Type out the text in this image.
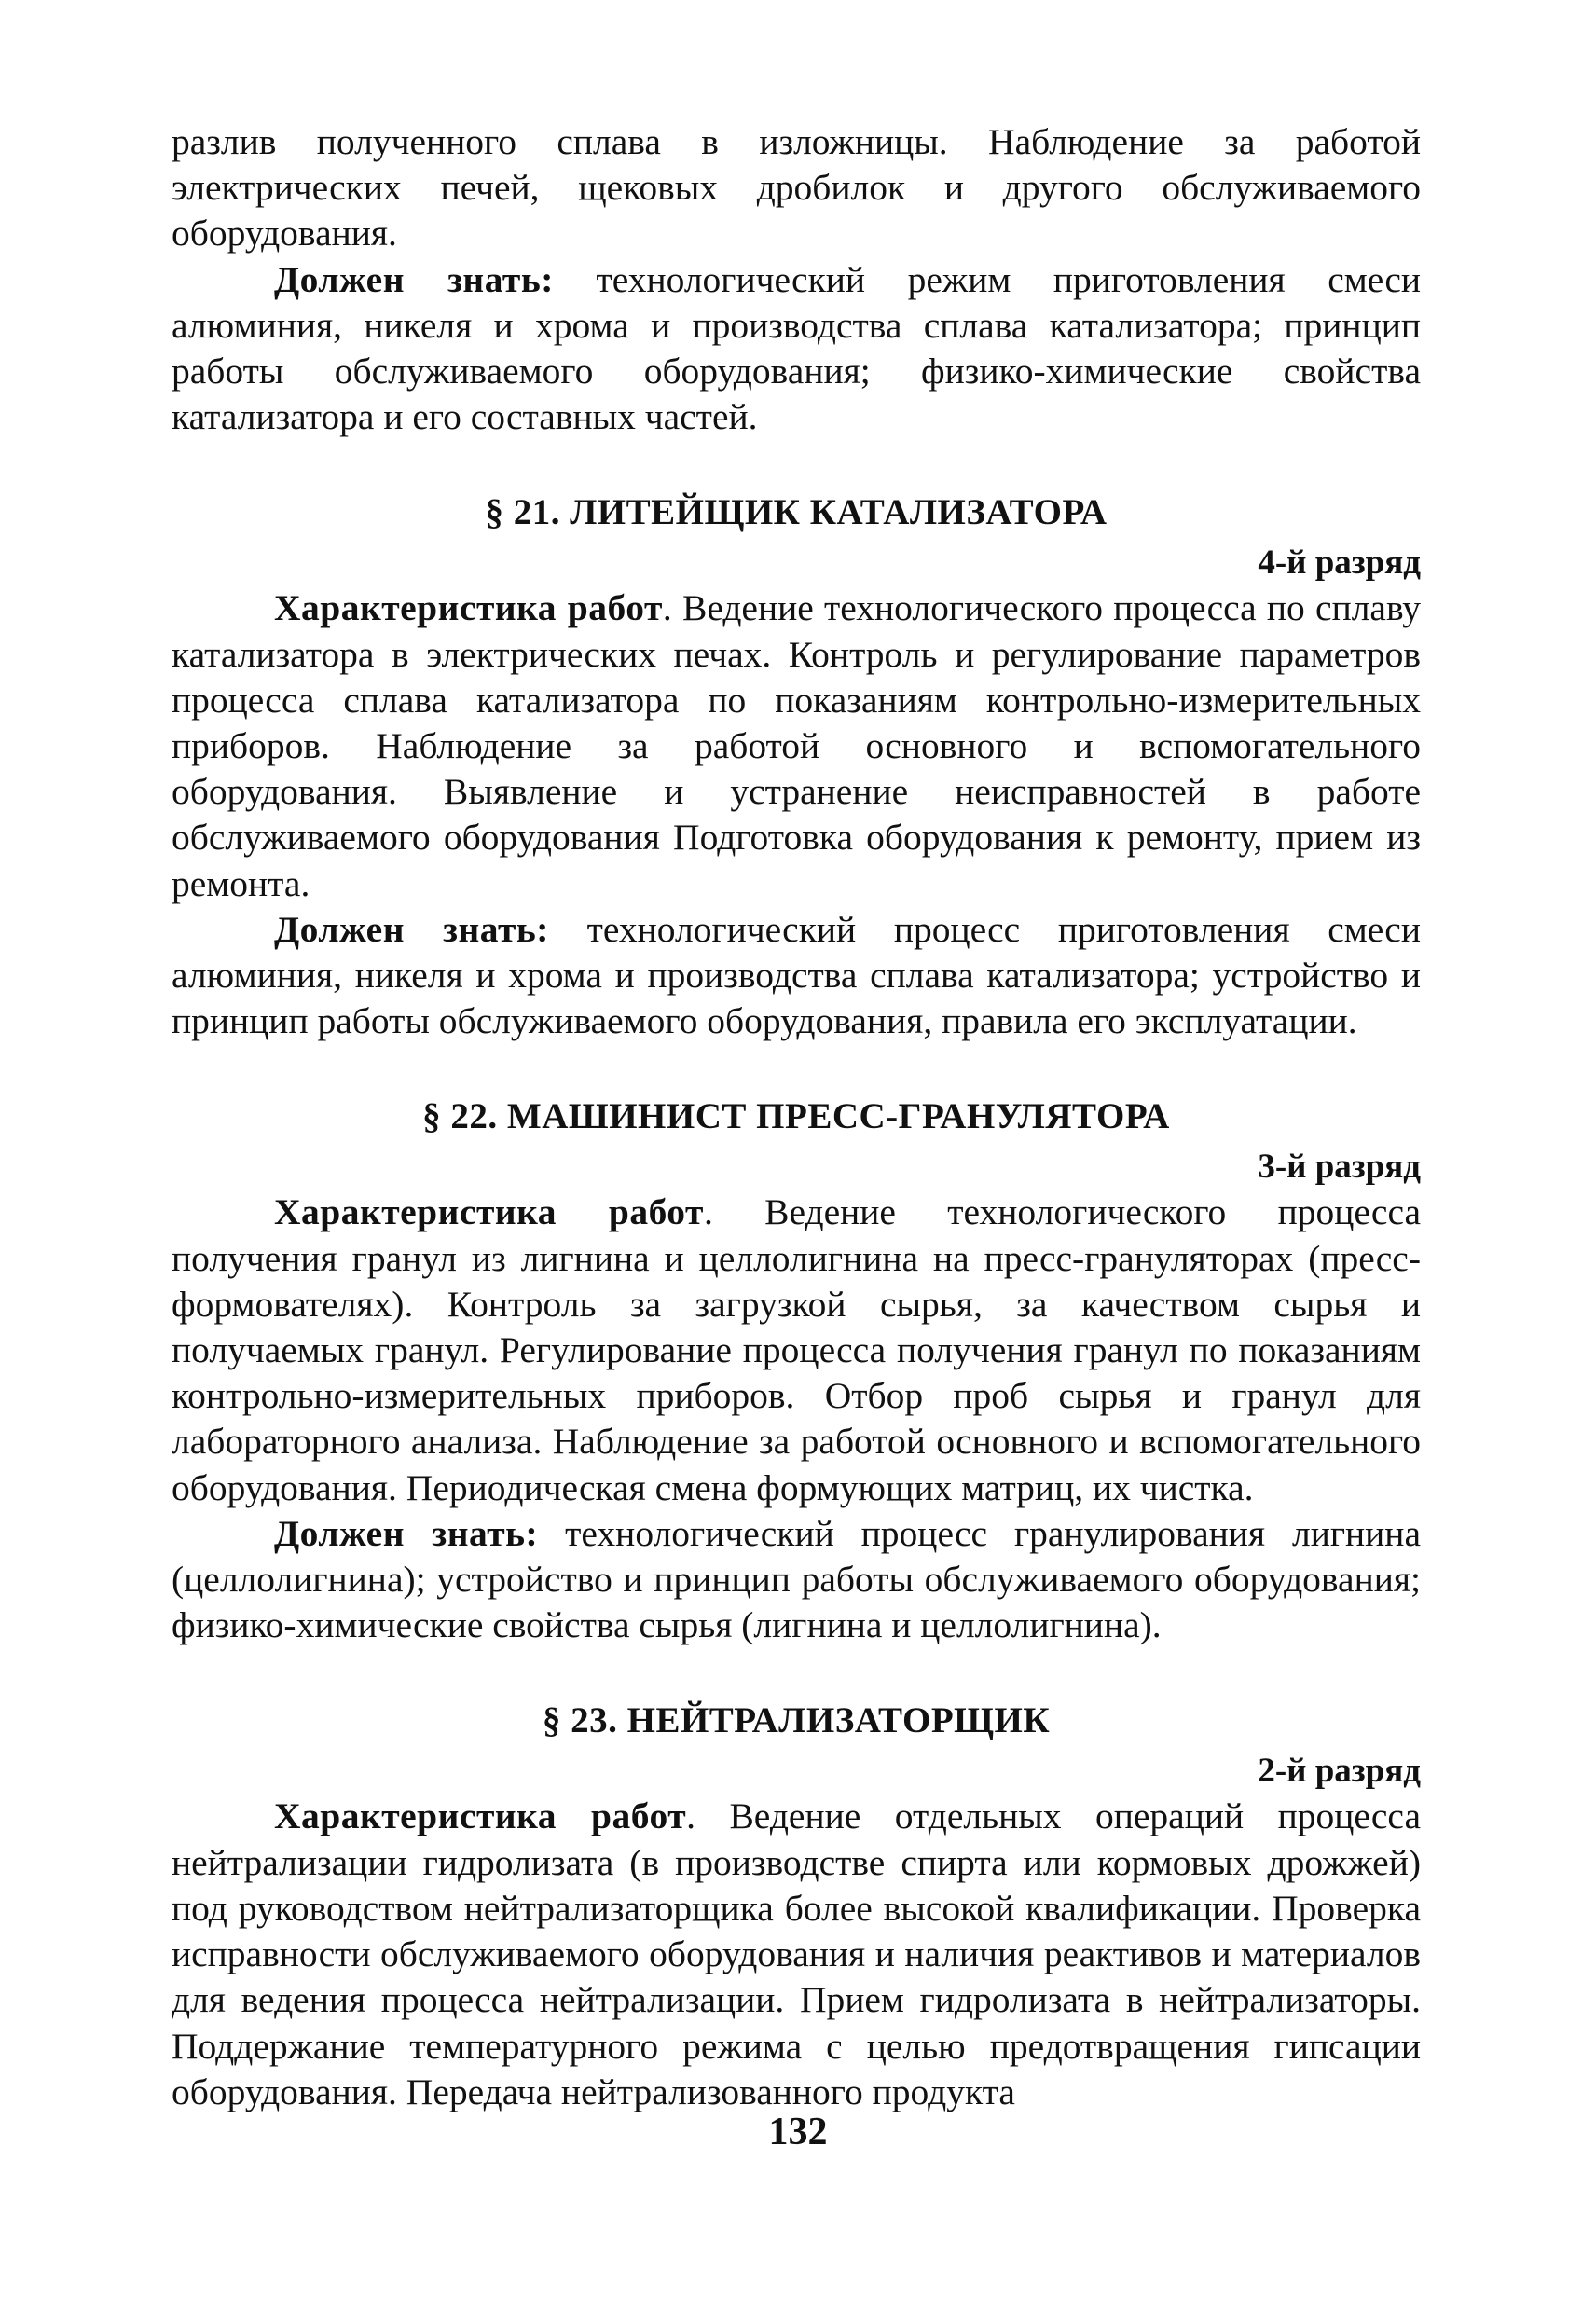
разлив полученного сплава в изложницы. Наблюдение за работой электрических печей, щековых дробилок и другого обслуживаемого оборудования.

Должен знать: технологический режим приготовления смеси алюминия, никеля и хрома и производства сплава катализатора; принцип работы обслуживаемого оборудования; физико-химические свойства катализатора и его составных частей.

§ 21. ЛИТЕЙЩИК КАТАЛИЗАТОРА
4-й разряд

Характеристика работ. Ведение технологического процесса по сплаву катализатора в электрических печах. Контроль и регулирование параметров процесса сплава катализатора по показаниям контрольно-измерительных приборов. Наблюдение за работой основного и вспомогательного оборудования. Выявление и устранение неисправностей в работе обслуживаемого оборудования Подготовка оборудования к ремонту, прием из ремонта.

Должен знать: технологический процесс приготовления смеси алюминия, никеля и хрома и производства сплава катализатора; устройство и принцип работы обслуживаемого оборудования, правила его эксплуатации.

§ 22. МАШИНИСТ ПРЕСС-ГРАНУЛЯТОРА
3-й разряд

Характеристика работ. Ведение технологического процесса получения гранул из лигнина и целлолигнина на пресс-грануляторах (пресс-формователях). Контроль за загрузкой сырья, за качеством сырья и получаемых гранул. Регулирование процесса получения гранул по показаниям контрольно-измерительных приборов. Отбор проб сырья и гранул для лабораторного анализа. Наблюдение за работой основного и вспомогательного оборудования. Периодическая смена формующих матриц, их чистка.

Должен знать: технологический процесс гранулирования лигнина (целлолигнина); устройство и принцип работы обслуживаемого оборудования; физико-химические свойства сырья (лигнина и целлолигнина).

§ 23. НЕЙТРАЛИЗАТОРЩИК
2-й разряд

Характеристика работ. Ведение отдельных операций процесса нейтрализации гидролизата (в производстве спирта или кормовых дрожжей) под руководством нейтрализаторщика более высокой квалификации. Проверка исправности обслуживаемого оборудования и наличия реактивов и материалов для ведения процесса нейтрализации. Прием гидролизата в нейтрализаторы. Поддержание температурного режима с целью предотвращения гипсации оборудования. Передача нейтрализованного продукта

132
